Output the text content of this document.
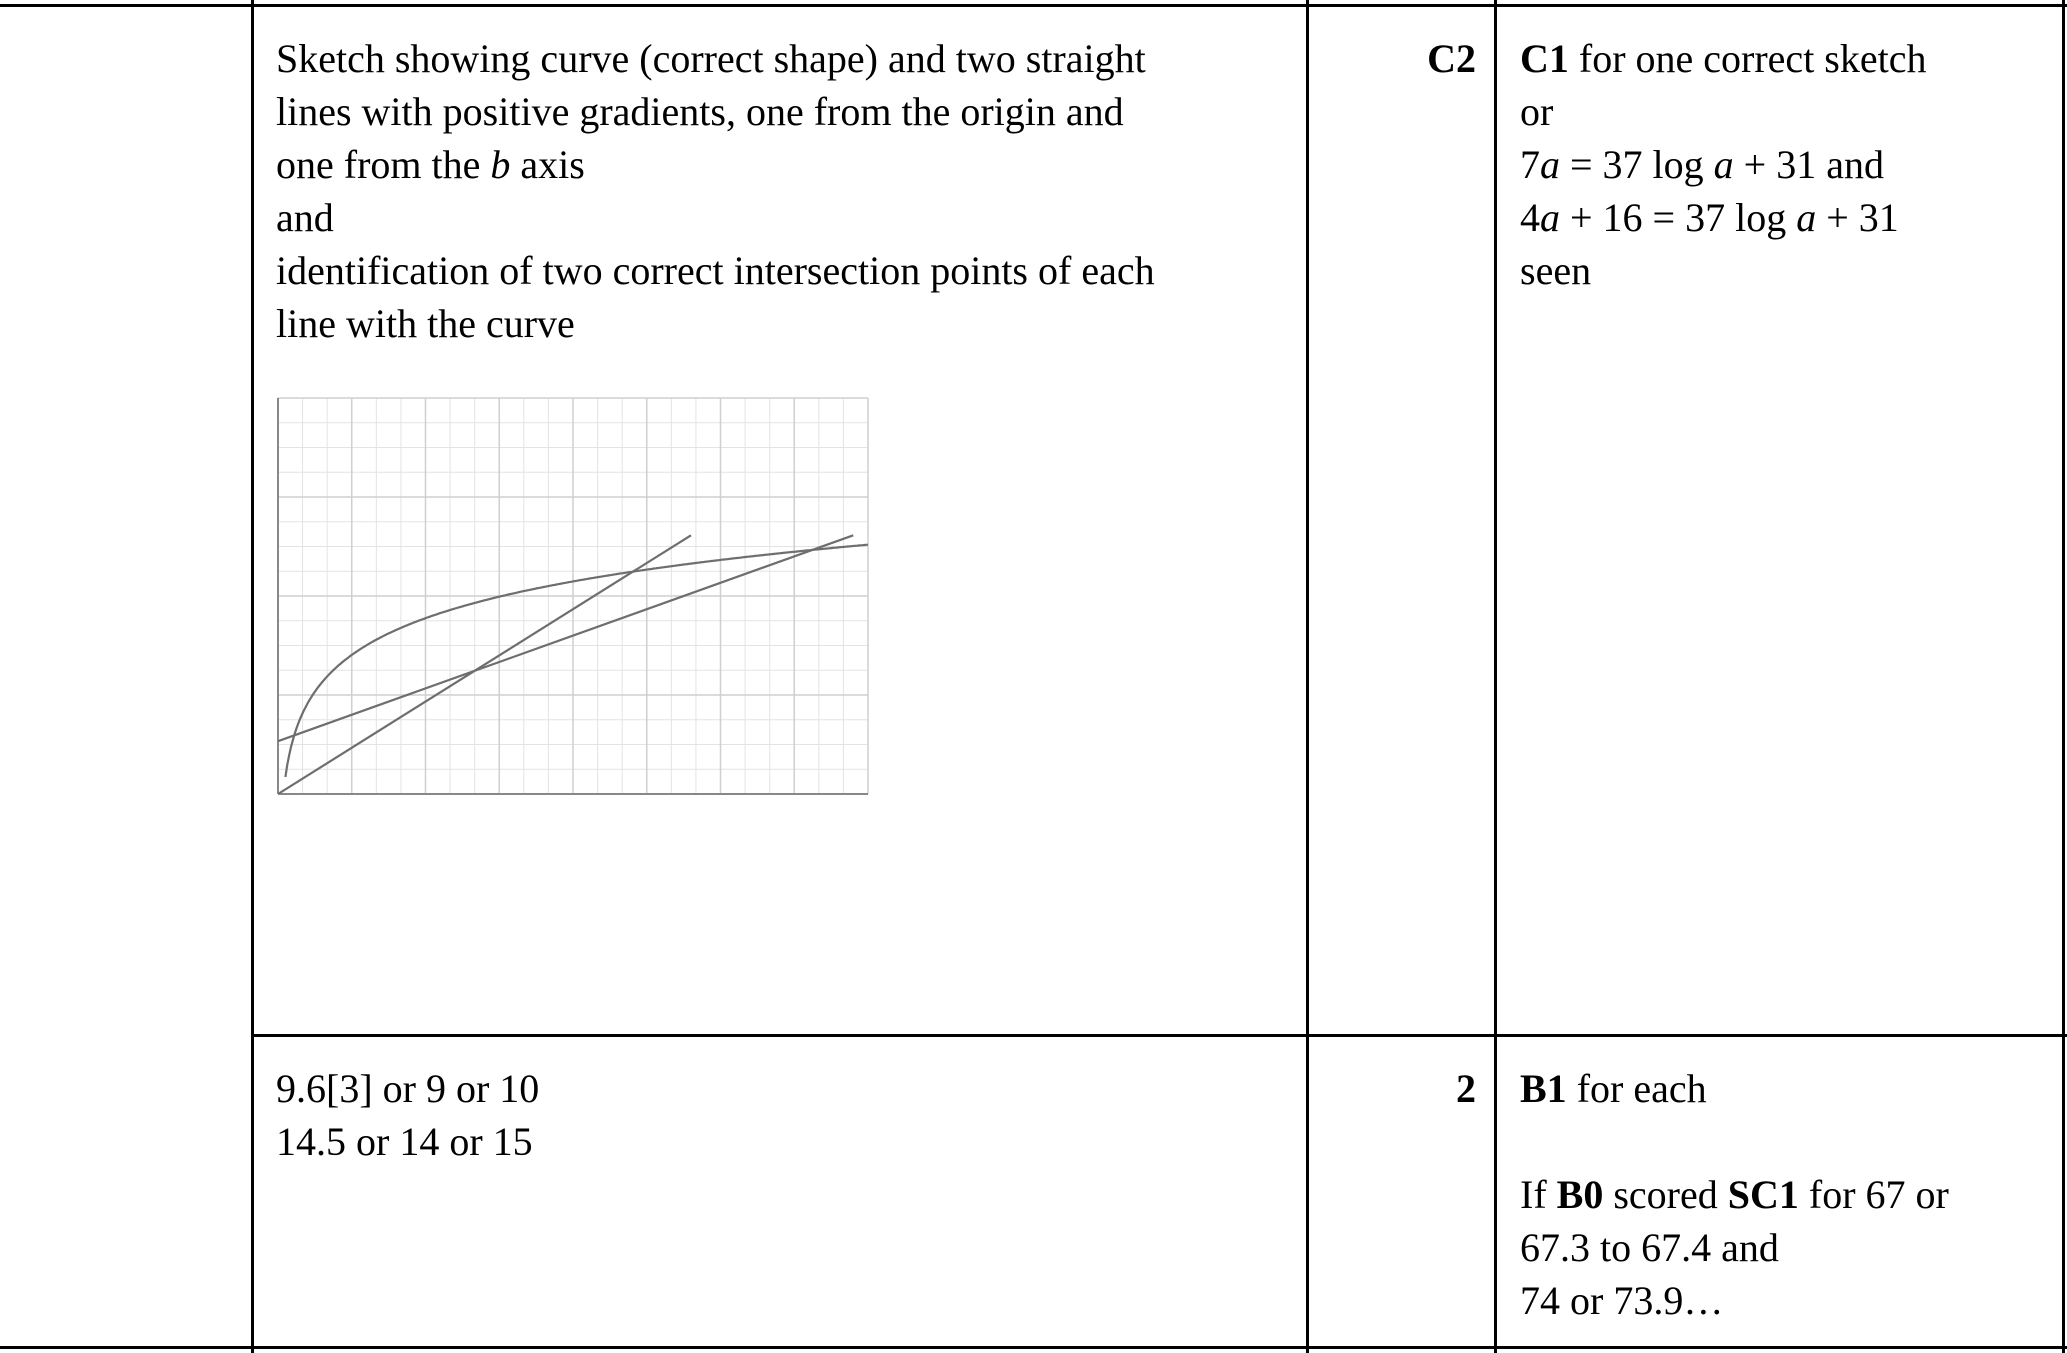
Sketch showing curve (correct shape) and two straight
lines with positive gradients, one from the origin and
one from the b axis
and
identification of two correct intersection points of each
line with the curve
C2 C1 for one correct sketch
or
7a = 37 log a + 31 and
4a + 16 = 37 log a + 31
seen
9.6[3] or 9 or 10
14.5 or 14 or 15
2 B1 for each
If B0 scored SC1 for 67 or
67.3 to 67.4 and
74 or 73.9…
